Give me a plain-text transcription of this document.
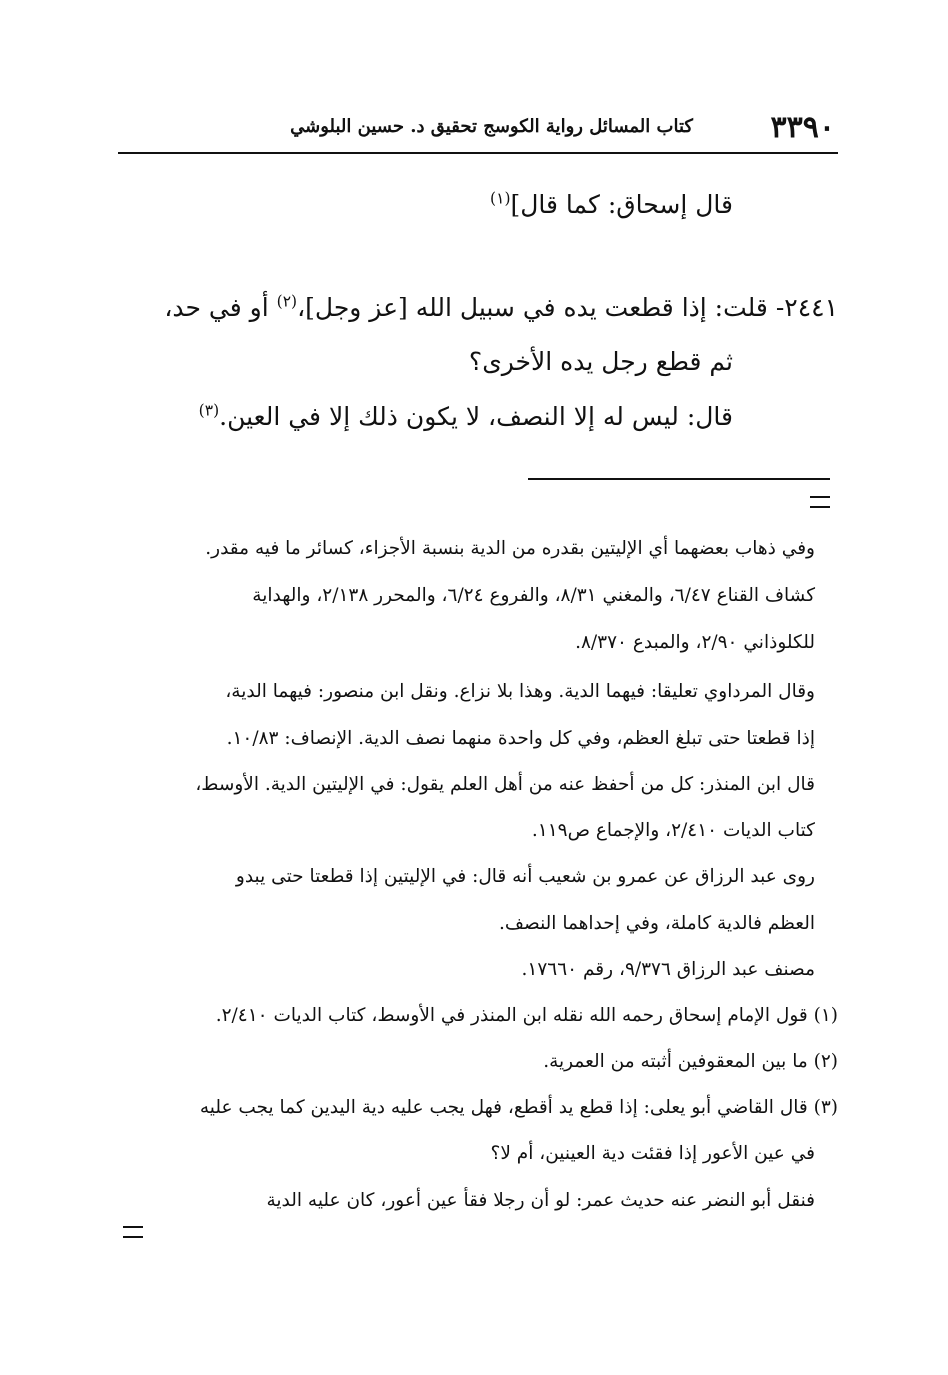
٣٣٩٠
كتاب المسائل رواية الكوسج تحقيق د. حسين البلوشي
قال إسحاق: كما قال]$^{(١)}$
٢٤٤١- قلت: إذا قطعت يده في سبيل الله [عز وجل]،$^{(٢)}$ أو في حد،
ثم قطع رجل يده الأخرى؟
قال: ليس له إلا النصف، لا يكون ذلك إلا في العين.$^{(٣)}$
وفي ذهاب بعضهما أي الإليتين بقدره من الدية بنسبة الأجزاء، كسائر ما فيه مقدر.
كشاف القناع ٦/٤٧، والمغني ٨/٣١، والفروع ٦/٢٤، والمحرر ٢/١٣٨، والهداية
للكلوذاني ٢/٩٠، والمبدع ٨/٣٧٠.
وقال المرداوي تعليقا: فيهما الدية. وهذا بلا نزاع. ونقل ابن منصور: فيهما الدية،
إذا قطعتا حتى تبلغ العظم، وفي كل واحدة منهما نصف الدية. الإنصاف: ١٠/٨٣.
قال ابن المنذر: كل من أحفظ عنه من أهل العلم يقول: في الإليتين الدية. الأوسط،
كتاب الديات ٢/٤١٠، والإجماع ص١١٩.
روى عبد الرزاق عن عمرو بن شعيب أنه قال: في الإليتين إذا قطعتا حتى يبدو
العظم فالدية كاملة، وفي إحداهما النصف.
مصنف عبد الرزاق ٩/٣٧٦، رقم ١٧٦٦٠.
(١) قول الإمام إسحاق رحمه الله نقله ابن المنذر في الأوسط، كتاب الديات ٢/٤١٠.
(٢) ما بين المعقوفين أثبته من العمرية.
(٣) قال القاضي أبو يعلى: إذا قطع يد أقطع، فهل يجب عليه دية اليدين كما يجب عليه
في عين الأعور إذا فقئت دية العينين، أم لا؟
فنقل أبو النضر عنه حديث عمر: لو أن رجلا فقأ عين أعور، كان عليه الدية
